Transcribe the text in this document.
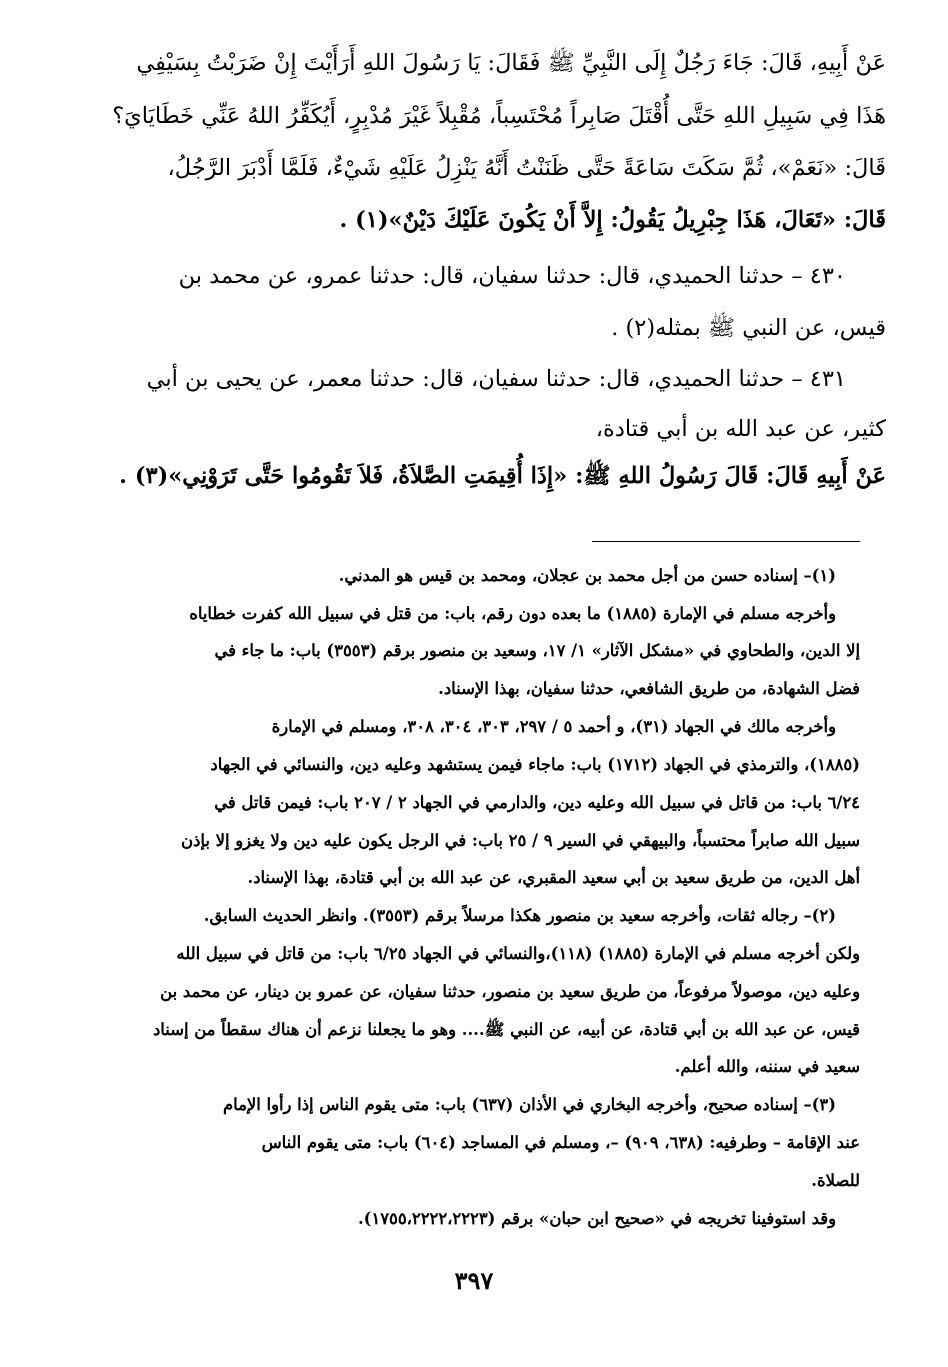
عَنْ أَبِيهِ، قَالَ: جَاءَ رَجُلٌ إِلَى النَّبِيِّ ﷺ فَقَالَ: يَا رَسُولَ اللهِ أَرَأَيْتَ إِنْ ضَرَبْتُ بِسَيْفِي
هَذَا فِي سَبِيلِ اللهِ حَتَّى أُقْتَلَ صَابِراً مُحْتَسِباً، مُقْبِلاً غَيْرَ مُدْبِرٍ، أَيُكَفِّرُ اللهُ عَنِّي خَطَايَايَ؟
قَالَ: «نَعَمْ»، ثُمَّ سَكَتَ سَاعَةً حَتَّى ظَنَنْتُ أَنَّهُ يَنْزِلُ عَلَيْهِ شَيْءٌ، فَلَمَّا أَدْبَرَ الرَّجُلُ،
قَالَ: «تَعَالَ، هَذَا جِبْرِيلُ يَقُولُ: إِلاَّ أَنْ يَكُونَ عَلَيْكَ دَيْنٌ»(١) .
٤٣٠ – حدثنا الحميدي، قال: حدثنا سفيان، قال: حدثنا عمرو، عن محمد بن
قيس، عن النبي ﷺ بمثله(٢) .
٤٣١ – حدثنا الحميدي، قال: حدثنا سفيان، قال: حدثنا معمر، عن يحيى بن أبي
كثير، عن عبد الله بن أبي قتادة،
عَنْ أَبِيهِ قَالَ: قَالَ رَسُولُ اللهِ ﷺ: «إِذَا أُقِيمَتِ الصَّلاَةُ، فَلاَ تَقُومُوا حَتَّى تَرَوْنِي»(٣) .
(١)– إسناده حسن من أجل محمد بن عجلان، ومحمد بن قيس هو المدني.
وأخرجه مسلم في الإمارة (١٨٨٥) ما بعده دون رقم، باب: من قتل في سبيل الله كفرت خطاياه
إلا الدين، والطحاوي في «مشكل الآثار» ١/ ١٧، وسعيد بن منصور برقم (٣٥٥٣) باب: ما جاء في
فضل الشهادة، من طريق الشافعي، حدثنا سفيان، بهذا الإسناد.
وأخرجه مالك في الجهاد (٣١)، و أحمد ٥ / ٢٩٧، ٣٠٣، ٣٠٤، ٣٠٨، ومسلم في الإمارة
(١٨٨٥)، والترمذي في الجهاد (١٧١٢) باب: ماجاء فيمن يستشهد وعليه دين، والنسائي في الجهاد
٦/٢٤ باب: من قاتل في سبيل الله وعليه دين، والدارمي في الجهاد ٢ / ٢٠٧ باب: فيمن قاتل في
سبيل الله صابراً محتسباً، والبيهقي في السير ٩ / ٢٥ باب: في الرجل يكون عليه دين ولا يغزو إلا بإذن
أهل الدين، من طريق سعيد بن أبي سعيد المقبري، عن عبد الله بن أبي قتادة، بهذا الإسناد.
(٢)– رجاله ثقات، وأخرجه سعيد بن منصور هكذا مرسلاً برقم (٣٥٥٣). وانظر الحديث السابق.
ولكن أخرجه مسلم في الإمارة (١٨٨٥) (١١٨)،والنسائي في الجهاد ٦/٢٥ باب: من قاتل في سبيل الله
وعليه دين، موصولاً مرفوعاً، من طريق سعيد بن منصور، حدثنا سفيان، عن عمرو بن دينار، عن محمد بن
قيس، عن عبد الله بن أبي قتادة، عن أبيه، عن النبي ﷺ.... وهو ما يجعلنا نزعم أن هناك سقطاً من إسناد
سعيد في سننه، والله أعلم.
(٣)– إسناده صحيح، وأخرجه البخاري في الأذان (٦٣٧) باب: متى يقوم الناس إذا رأوا الإمام
عند الإقامة – وطرفيه: (٦٣٨، ٩٠٩) –، ومسلم في المساجد (٦٠٤) باب: متى يقوم الناس
للصلاة.
وقد استوفينا تخريجه في «صحيح ابن حبان» برقم (١٧٥٥،٢٢٢٢،٢٢٢٣).
٣٩٧
